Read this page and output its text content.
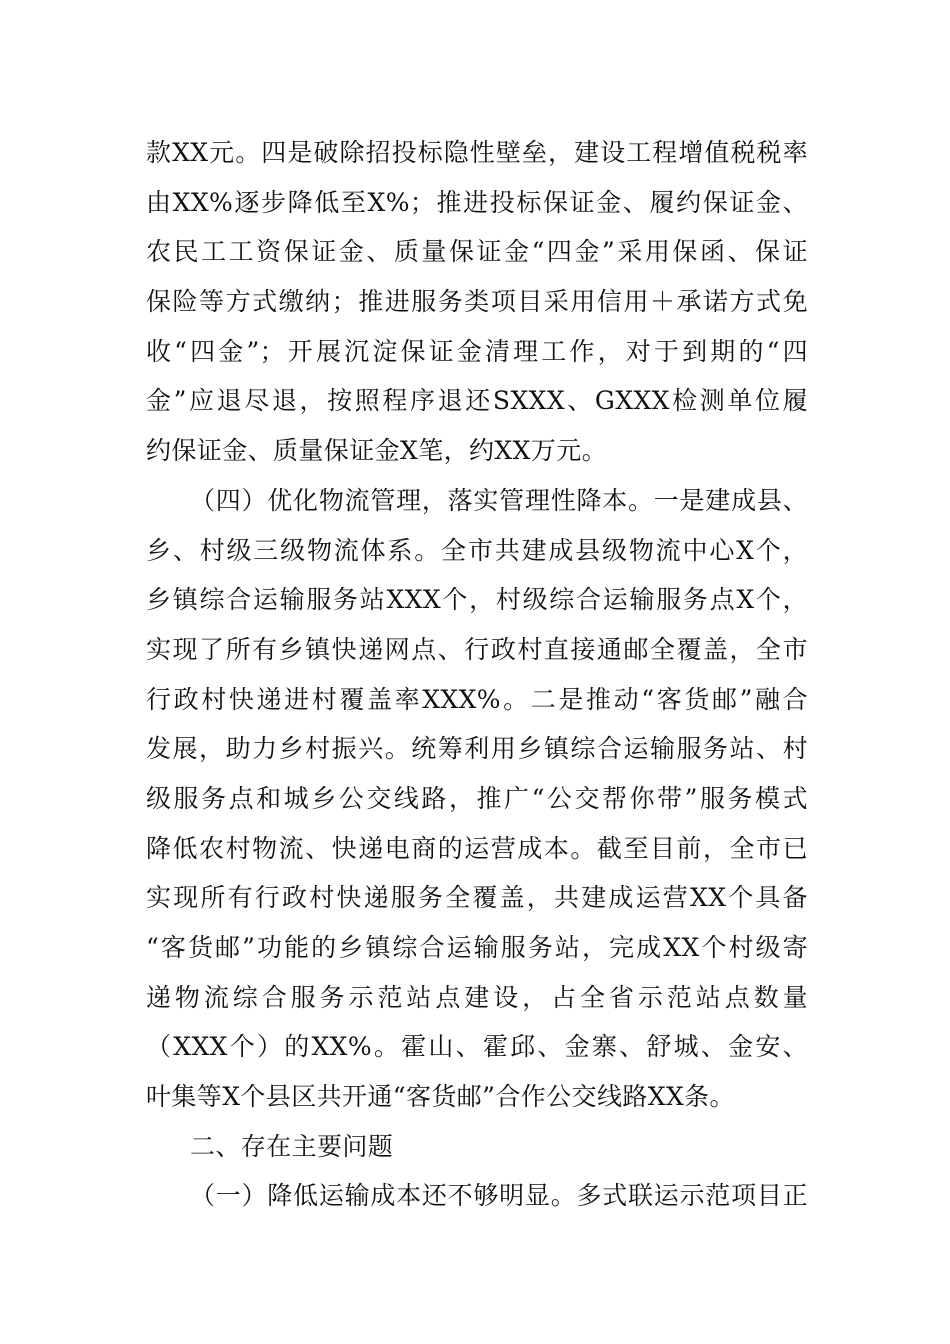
款XX元。四是破除招投标隐性壁垒，建设工程增值税税率
由XX%逐步降低至X%；推进投标保证金、履约保证金、
农民工工资保证金、质量保证金“四金”采用保函、保证
保险等方式缴纳；推进服务类项目采用信用＋承诺方式免
收“四金”；开展沉淀保证金清理工作，对于到期的“四
金”应退尽退，按照程序退还SXXX、GXXX检测单位履
约保证金、质量保证金X笔，约XX万元。
（四）优化物流管理，落实管理性降本。一是建成县、
乡、村级三级物流体系。全市共建成县级物流中心X个，
乡镇综合运输服务站XXX个，村级综合运输服务点X个，
实现了所有乡镇快递网点、行政村直接通邮全覆盖，全市
行政村快递进村覆盖率XXX%。二是推动“客货邮”融合
发展，助力乡村振兴。统筹利用乡镇综合运输服务站、村
级服务点和城乡公交线路，推广“公交帮你带”服务模式
降低农村物流、快递电商的运营成本。截至目前，全市已
实现所有行政村快递服务全覆盖，共建成运营XX个具备
“客货邮”功能的乡镇综合运输服务站，完成XX个村级寄
递物流综合服务示范站点建设，占全省示范站点数量
（XXX个）的XX%。霍山、霍邱、金寨、舒城、金安、
叶集等X个县区共开通“客货邮”合作公交线路XX条。
二、存在主要问题
（一）降低运输成本还不够明显。多式联运示范项目正
